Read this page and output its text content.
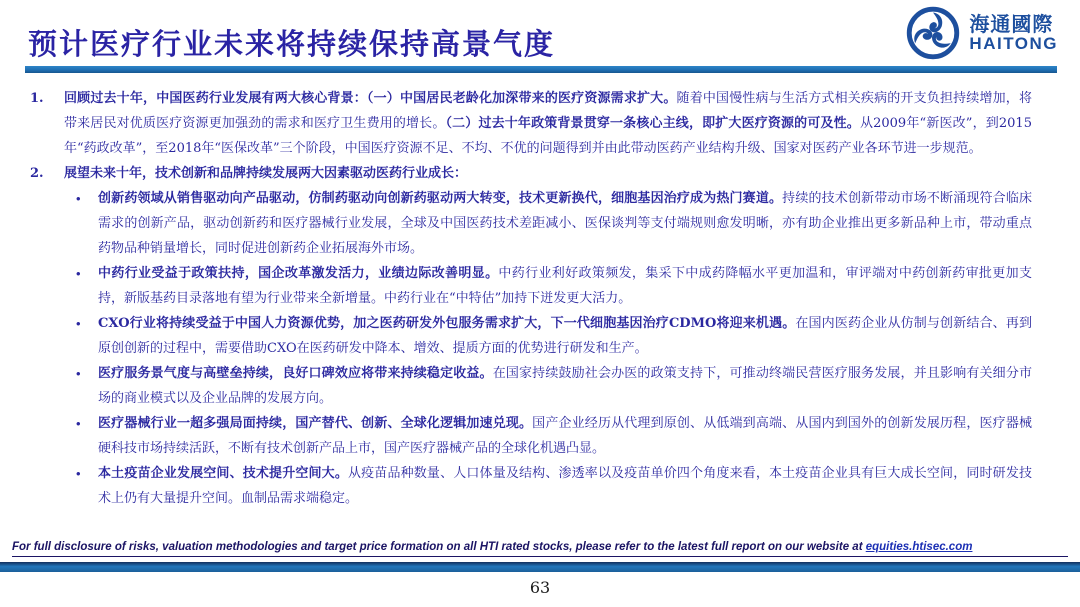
预计医疗行业未来将持续保持高景气度
海通國際
HAITONG
1.	回顾过去十年，中国医药行业发展有两大核心背景：（一）中国居民老龄化加深带来的医疗资源需求扩大。随着中国慢性病与生活方式相关疾病的开支负担持续增加，将带来居民对优质医疗资源更加强劲的需求和医疗卫生费用的增长。（二）过去十年政策背景贯穿一条核心主线，即扩大医疗资源的可及性。从2009年“新医改”，到2015年“药政改革”，至2018年“医保改革”三个阶段，中国医疗资源不足、不均、不优的问题得到并由此带动医药产业结构升级、国家对医药产业各环节进一步规范。
2.	展望未来十年，技术创新和品牌持续发展两大因素驱动医药行业成长：
•	创新药领域从销售驱动向产品驱动，仿制药驱动向创新药驱动两大转变，技术更新换代，细胞基因治疗成为热门赛道。持续的技术创新带动市场不断涌现符合临床需求的创新产品，驱动创新药和医疗器械行业发展，全球及中国医药技术差距减小、医保谈判等支付端规则愈发明晰，亦有助企业推出更多新品种上市，带动重点药物品种销量增长，同时促进创新药企业拓展海外市场。
•	中药行业受益于政策扶持，国企改革激发活力，业绩边际改善明显。中药行业利好政策频发，集采下中成药降幅水平更加温和，审评端对中药创新药审批更加支持，新版基药目录落地有望为行业带来全新增量。中药行业在“中特估”加持下迸发更大活力。
•	CXO行业将持续受益于中国人力资源优势，加之医药研发外包服务需求扩大，下一代细胞基因治疗CDMO将迎来机遇。在国内医药企业从仿制与创新结合、再到原创创新的过程中，需要借助CXO在医药研发中降本、增效、提质方面的优势进行研发和生产。
•	医疗服务景气度与高壁垒持续，良好口碑效应将带来持续稳定收益。在国家持续鼓励社会办医的政策支持下，可推动终端民营医疗服务发展，并且影响有关细分市场的商业模式以及企业品牌的发展方向。
•	医疗器械行业一超多强局面持续，国产替代、创新、全球化逻辑加速兑现。国产企业经历从代理到原创、从低端到高端、从国内到国外的创新发展历程，医疗器械硬科技市场持续活跃，不断有技术创新产品上市，国产医疗器械产品的全球化机遇凸显。
•	本土疫苗企业发展空间、技术提升空间大。从疫苗品种数量、人口体量及结构、渗透率以及疫苗单价四个角度来看，本土疫苗企业具有巨大成长空间，同时研发技术上仍有大量提升空间。血制品需求端稳定。
For full disclosure of risks, valuation methodologies and target price formation on all HTI rated stocks, please refer to the latest full report on our website at equities.htisec.com
63
